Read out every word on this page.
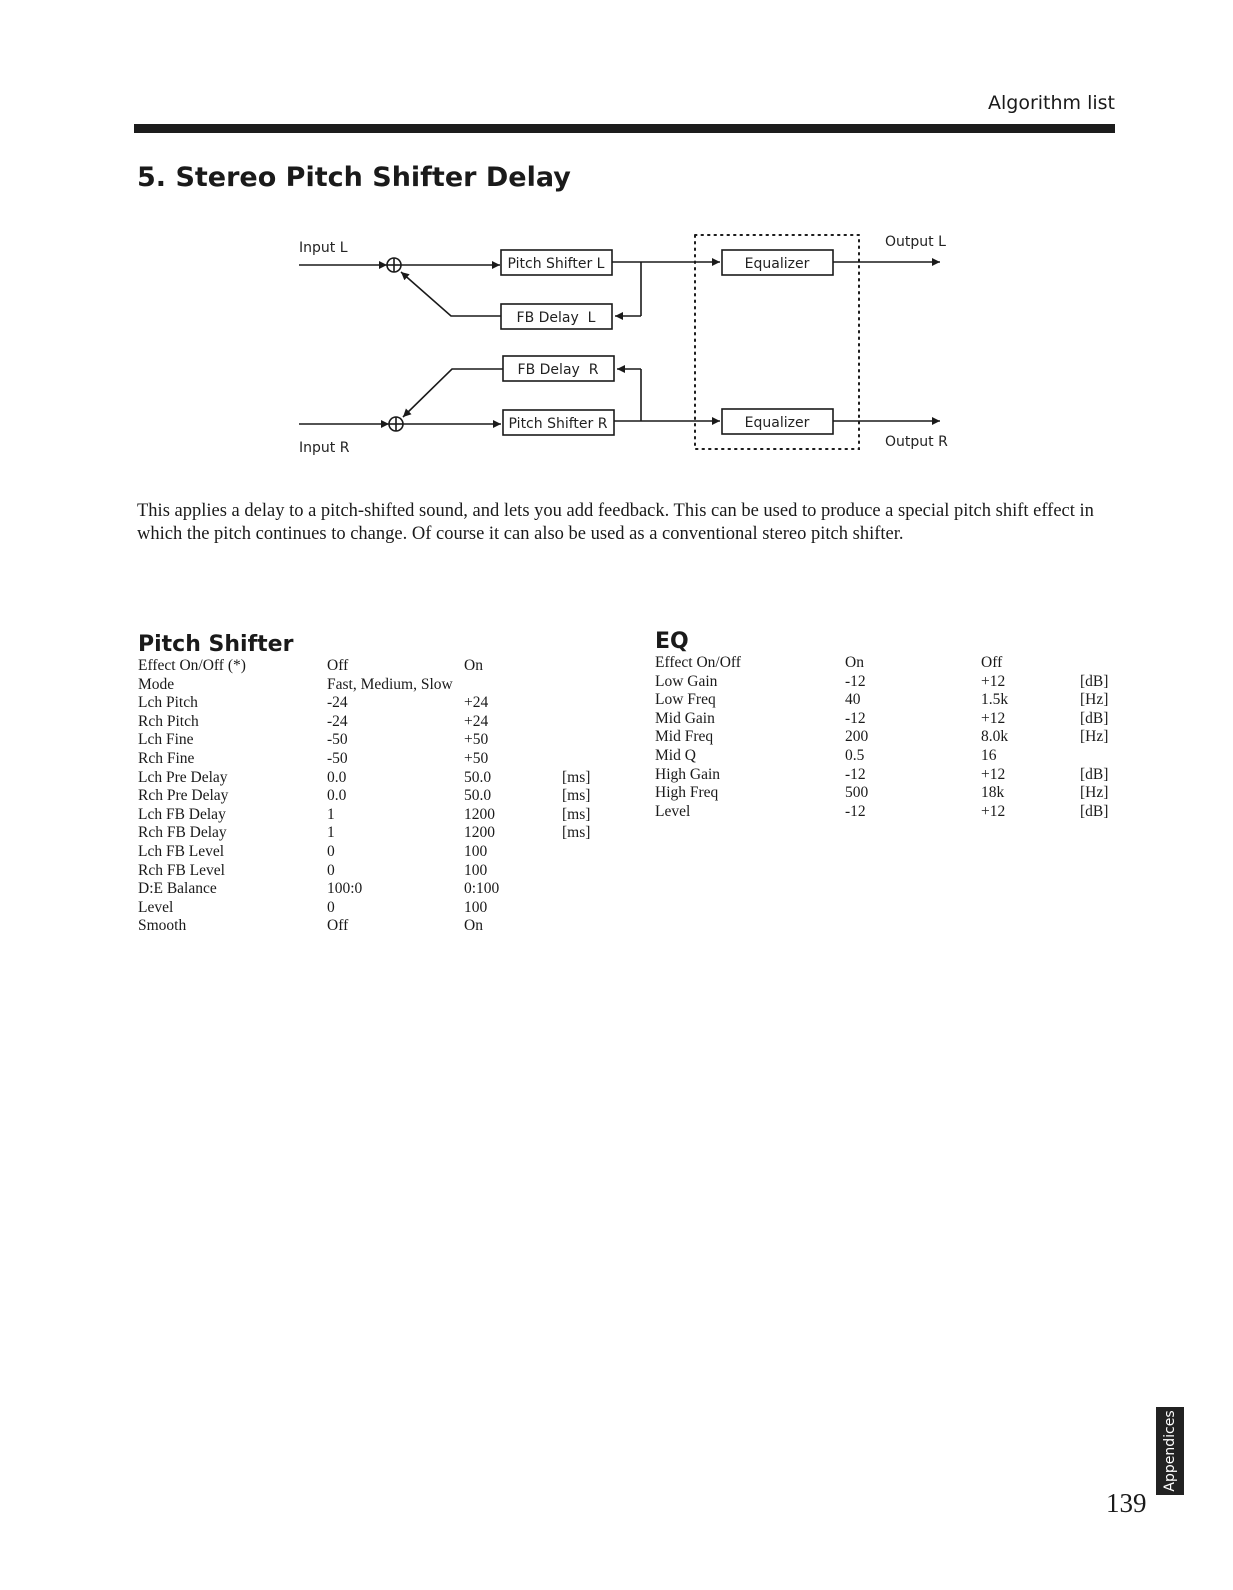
Algorithm list
5. Stereo Pitch Shifter Delay
Input L
Input R
Output L
Output R
Pitch Shifter L
FB Delay  L
FB Delay  R
Pitch Shifter R
Equalizer
Equalizer

This applies a delay to a pitch-shifted sound, and lets you add feedback. This can be used to produce a special pitch shift effect in which the pitch continues to change. Of course it can also be used as a conventional stereo pitch shifter.

Pitch Shifter
Effect On/Off (*)	Off	On	
Mode	Fast, Medium, Slow		
Lch Pitch	-24	+24	
Rch Pitch	-24	+24	
Lch Fine	-50	+50	
Rch Fine	-50	+50	
Lch Pre Delay	0.0	50.0	[ms]
Rch Pre Delay	0.0	50.0	[ms]
Lch FB Delay	1	1200	[ms]
Rch FB Delay	1	1200	[ms]
Lch FB Level	0	100	
Rch FB Level	0	100	
D:E Balance	100:0	0:100	
Level	0	100	
Smooth	Off	On	
EQ
Effect On/Off	On	Off	
Low Gain	-12	+12	[dB]
Low Freq	40	1.5k	[Hz]
Mid Gain	-12	+12	[dB]
Mid Freq	200	8.0k	[Hz]
Mid Q	0.5	16	
High Gain	-12	+12	[dB]
High Freq	500	18k	[Hz]
Level	-12	+12	[dB]
Appendices
139
